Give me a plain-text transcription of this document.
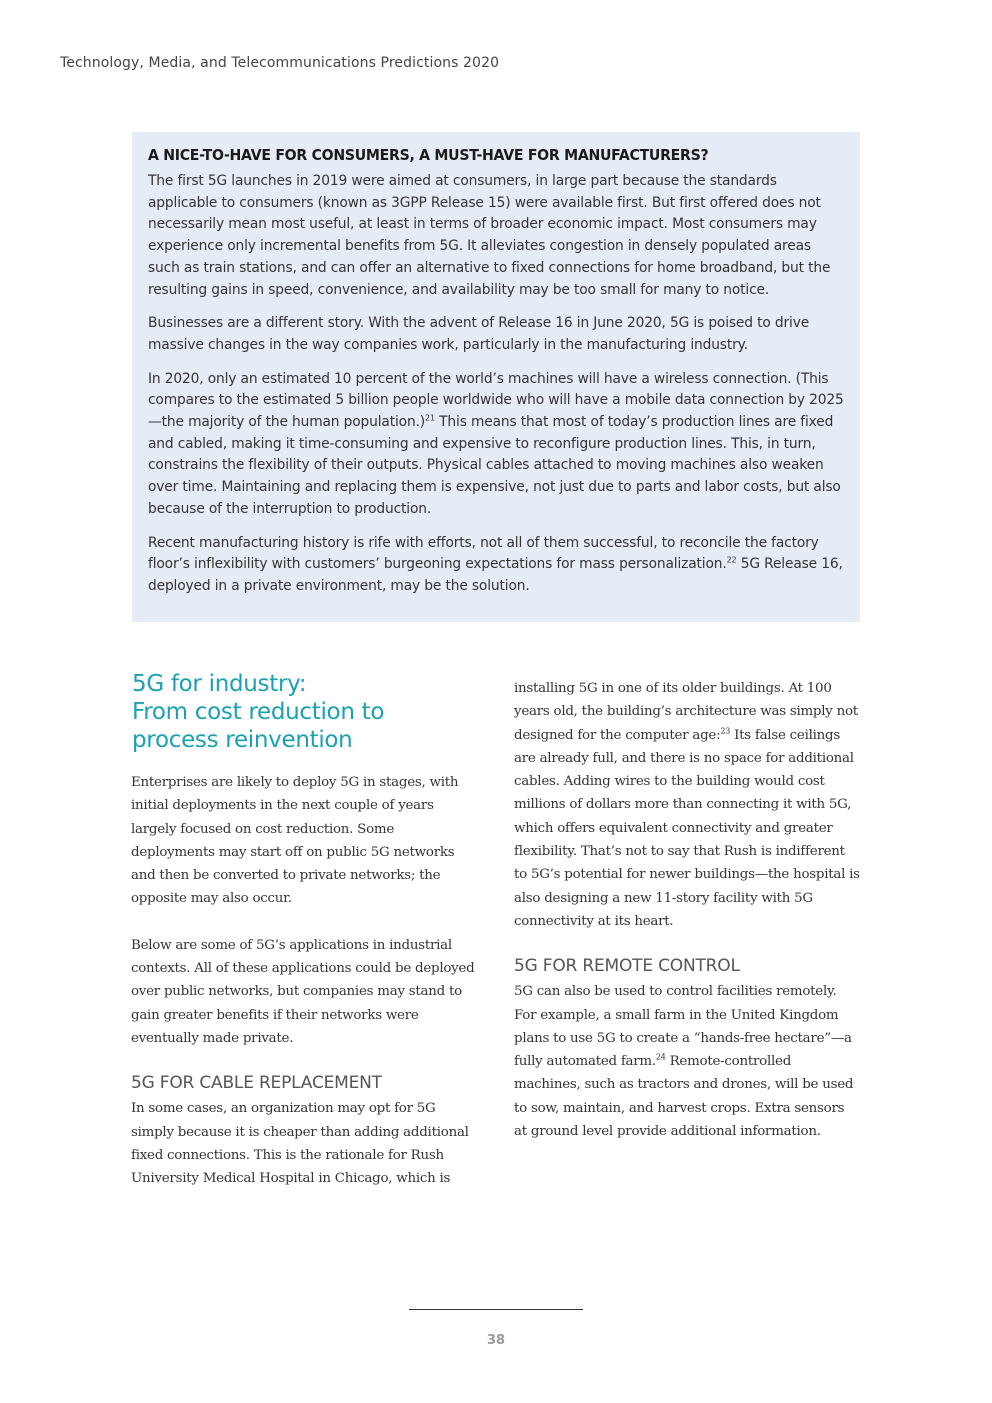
Technology, Media, and Telecommunications Predictions 2020
A NICE-TO-HAVE FOR CONSUMERS, A MUST-HAVE FOR MANUFACTURERS?

The first 5G launches in 2019 were aimed at consumers, in large part because the standards applicable to consumers (known as 3GPP Release 15) were available first. But first offered does not necessarily mean most useful, at least in terms of broader economic impact. Most consumers may experience only incremental benefits from 5G. It alleviates congestion in densely populated areas such as train stations, and can offer an alternative to fixed connections for home broadband, but the resulting gains in speed, convenience, and availability may be too small for many to notice.

Businesses are a different story. With the advent of Release 16 in June 2020, 5G is poised to drive massive changes in the way companies work, particularly in the manufacturing industry.

In 2020, only an estimated 10 percent of the world’s machines will have a wireless connection. (This compares to the estimated 5 billion people worldwide who will have a mobile data connection by 2025—the majority of the human population.)$^{21}$ This means that most of today’s production lines are fixed and cabled, making it time-consuming and expensive to reconfigure production lines. This, in turn, constrains the flexibility of their outputs. Physical cables attached to moving machines also weaken over time. Maintaining and replacing them is expensive, not just due to parts and labor costs, but also because of the interruption to production.

Recent manufacturing history is rife with efforts, not all of them successful, to reconcile the factory floor’s inflexibility with customers’ burgeoning expectations for mass personalization.$^{22}$ 5G Release 16, deployed in a private environment, may be the solution.

5G for industry:
From cost reduction to
process reinvention

Enterprises are likely to deploy 5G in stages, with initial deployments in the next couple of years largely focused on cost reduction. Some deployments may start off on public 5G networks and then be converted to private networks; the opposite may also occur.

Below are some of 5G’s applications in industrial contexts. All of these applications could be deployed over public networks, but companies may stand to gain greater benefits if their networks were eventually made private.

5G FOR CABLE REPLACEMENT

In some cases, an organization may opt for 5G simply because it is cheaper than adding additional fixed connections. This is the rationale for Rush University Medical Hospital in Chicago, which is

installing 5G in one of its older buildings. At 100 years old, the building’s architecture was simply not designed for the computer age:$^{23}$ Its false ceilings are already full, and there is no space for additional cables. Adding wires to the building would cost millions of dollars more than connecting it with 5G, which offers equivalent connectivity and greater flexibility. That’s not to say that Rush is indifferent to 5G’s potential for newer buildings—the hospital is also designing a new 11-story facility with 5G connectivity at its heart.

5G FOR REMOTE CONTROL

5G can also be used to control facilities remotely. For example, a small farm in the United Kingdom plans to use 5G to create a “hands-free hectare”—a fully automated farm.$^{24}$ Remote-controlled machines, such as tractors and drones, will be used to sow, maintain, and harvest crops. Extra sensors at ground level provide additional information.

38
